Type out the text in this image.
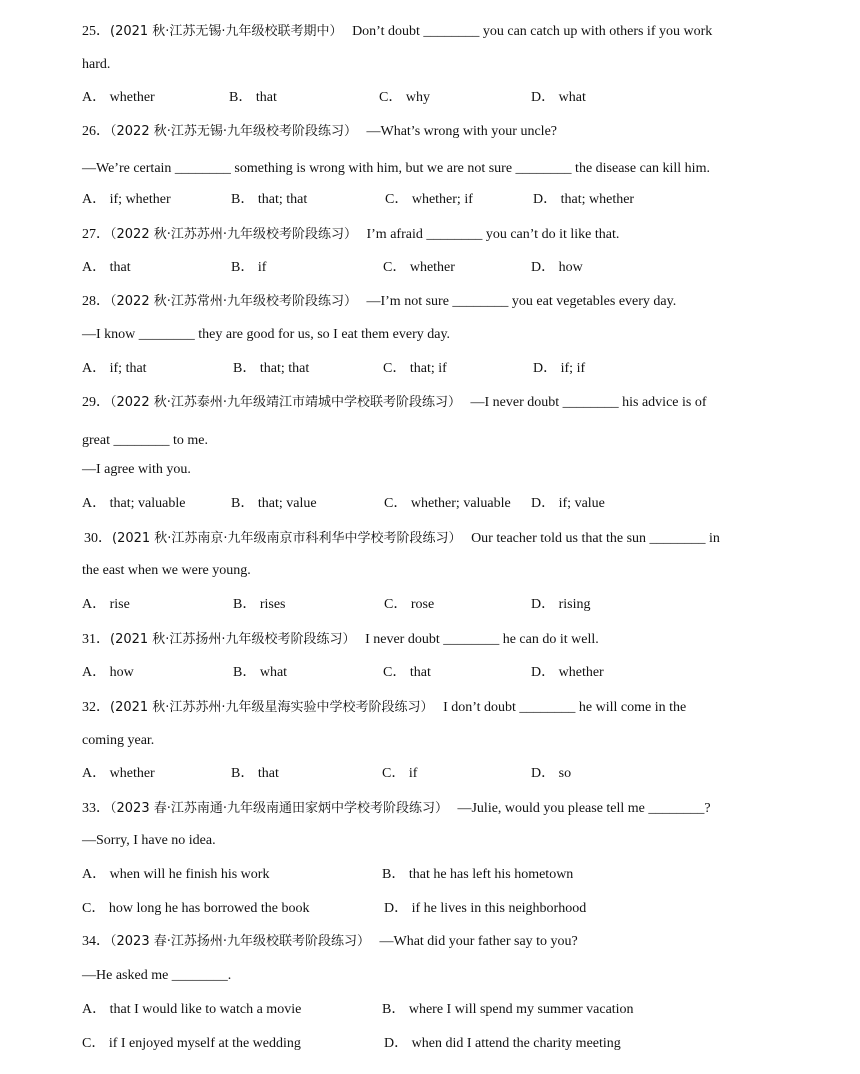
25．(2021 秋·江苏无锡·九年级校联考期中） Don’t doubt ________ you can catch up with others if you work
hard.
A． whether	B． that	C． why	D． what
26．（2022 秋·江苏无锡·九年级校考阶段练习） —What’s wrong with your uncle?
—We’re certain ________ something is wrong with him, but we are not sure ________ the disease can kill him.
A． if; whether	B． that; that	C． whether; if	D． that; whether
27．（2022 秋·江苏苏州·九年级校考阶段练习） I’m afraid ________ you can’t do it like that.
A． that	B． if	C． whether	D． how
28．（2022 秋·江苏常州·九年级校考阶段练习） —I’m not sure ________ you eat vegetables every day.
—I know ________ they are good for us, so I eat them every day.
A． if; that	B． that; that	C． that; if	D． if; if
29．（2022 秋·江苏泰州·九年级靖江市靖城中学校联考阶段练习） —I never doubt ________ his advice is of
great ________ to me.
—I agree with you.
A． that; valuable	B． that; value	C． whether; valuable D． if; value
30．(2021 秋·江苏南京·九年级南京市科利华中学校考阶段练习） Our teacher told us that the sun ________ in
the east when we were young.
A． rise	B． rises	C． rose	D． rising
31．(2021 秋·江苏扬州·九年级校考阶段练习） I never doubt ________ he can do it well.
A． how	B． what	C． that	D． whether
32．(2021 秋·江苏苏州·九年级星海实验中学校考阶段练习） I don’t doubt ________ he will come in the
coming year.
A． whether	B． that	C． if	D． so
33．（2023 春·江苏南通·九年级南通田家炳中学校考阶段练习） —Julie, would you please tell me ________?
—Sorry, I have no idea.
A． when will he finish his work	B． that he has left his hometown
C． how long he has borrowed the book	D． if he lives in this neighborhood
34．（2023 春·江苏扬州·九年级校联考阶段练习） —What did your father say to you?
—He asked me ________.
A． that I would like to watch a movie	B． where I will spend my summer vacation
C． if I enjoyed myself at the wedding	D． when did I attend the charity meeting
